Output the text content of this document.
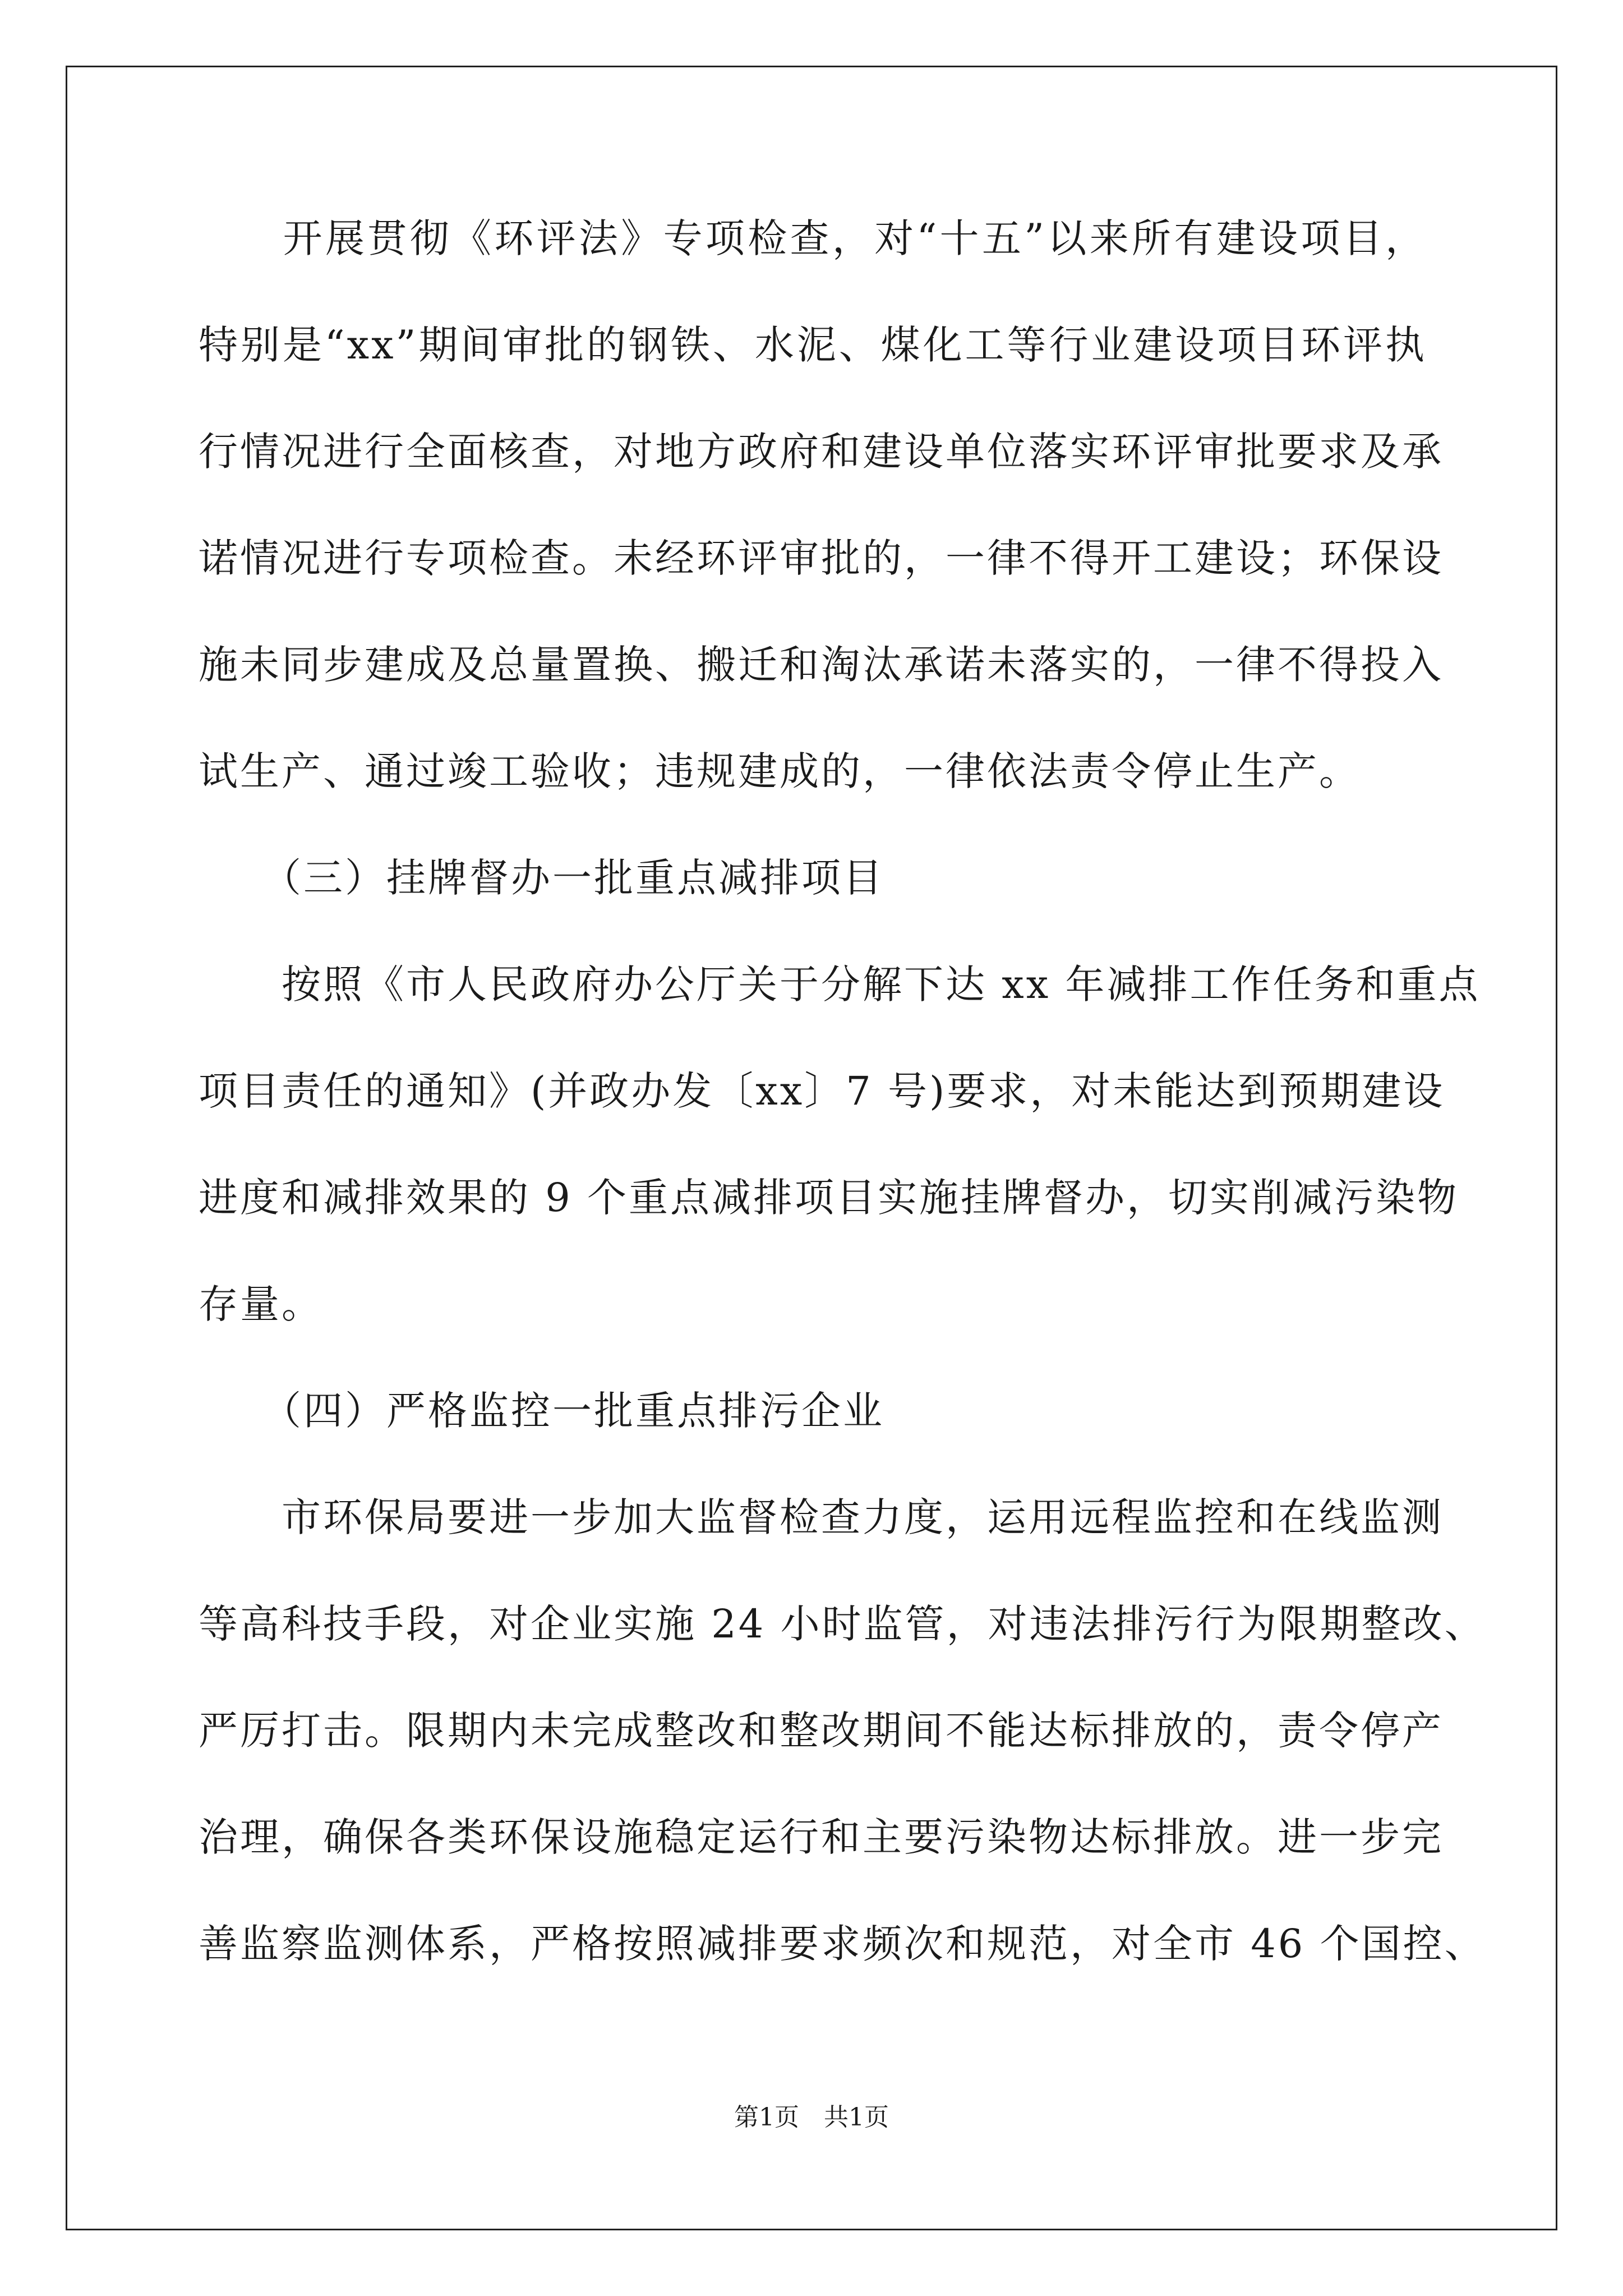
　　开展贯彻《环评法》专项检查，对“十五”以来所有建设项目，
特别是“xx”期间审批的钢铁、水泥、煤化工等行业建设项目环评执
行情况进行全面核查，对地方政府和建设单位落实环评审批要求及承
诺情况进行专项检查。未经环评审批的，一律不得开工建设；环保设
施未同步建成及总量置换、搬迁和淘汰承诺未落实的，一律不得投入
试生产、通过竣工验收；违规建成的，一律依法责令停止生产。
　　（三）挂牌督办一批重点减排项目
　　按照《市人民政府办公厅关于分解下达 xx 年减排工作任务和重点
项目责任的通知》(并政办发〔xx〕7 号)要求，对未能达到预期建设
进度和减排效果的 9 个重点减排项目实施挂牌督办，切实削减污染物
存量。
　　（四）严格监控一批重点排污企业
　　市环保局要进一步加大监督检查力度，运用远程监控和在线监测
等高科技手段，对企业实施 24 小时监管，对违法排污行为限期整改、
严厉打击。限期内未完成整改和整改期间不能达标排放的，责令停产
治理，确保各类环保设施稳定运行和主要污染物达标排放。进一步完
善监察监测体系，严格按照减排要求频次和规范，对全市 46 个国控、
第1页　共1页
